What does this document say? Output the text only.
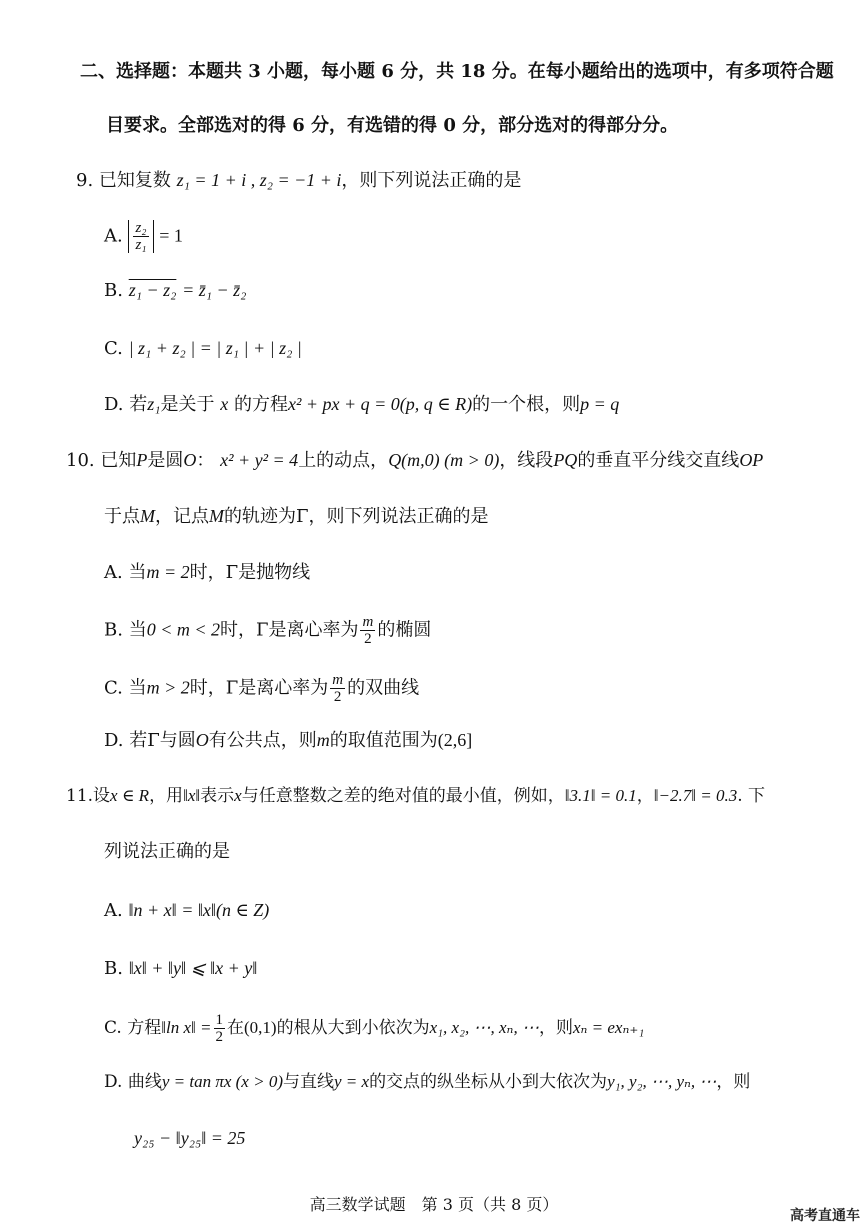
二、选择题：本题共 3 小题，每小题 6 分，共 18 分。在每小题给出的选项中，有多项符合题
目要求。全部选对的得 6 分，有选错的得 0 分，部分选对的得部分分。
9. 已知复数 z₁ = 1 + i , z₂ = −1 + i，则下列说法正确的是
A. $\frac{\text{z₂}}{\text{z₁}} = 1$
B. z₁ − z₂ = z̄₁ − z̄₂
C. | z₁ + z₂ | = | z₁ | + | z₂ |
D. 若z₁是关于 x 的方程x² + px + q = 0(p, q ∈ R)的一个根，则p = q
10. 已知P是圆O： x² + y² = 4上的动点，Q(m,0) (m > 0)，线段PQ的垂直平分线交直线OP
于点M，记点M的轨迹为Γ，则下列说法正确的是
A. 当m = 2时，Γ是抛物线
B. 当0 < m < 2时，Γ是离心率为 $\frac{m}{2}$ 的椭圆
C. 当m > 2时，Γ是离心率为 $\frac{m}{2}$ 的双曲线
D. 若Γ与圆O有公共点，则m的取值范围为(2,6]
11.设x ∈ R，用‖x‖表示x与任意整数之差的绝对值的最小值，例如，‖3.1‖ = 0.1，‖−2.7‖ = 0.3. 下
列说法正确的是
A. ‖n + x‖ = ‖x‖(n ∈ Z)
B. ‖x‖ + ‖y‖ ⩽ ‖x + y‖
C. 方程‖ln x‖ = $\frac{1}{2}$ 在(0,1)的根从大到小依次为x₁, x₂, ⋯, xₙ, ⋯，则xₙ = exₙ₊₁
D. 曲线y = tan πx (x > 0)与直线y = x的交点的纵坐标从小到大依次为y₁, y₂, ⋯, yₙ, ⋯，则
y₂₅ − ‖y₂₅‖ = 25
高三数学试题　第 3 页（共 8 页）
高考直通车
